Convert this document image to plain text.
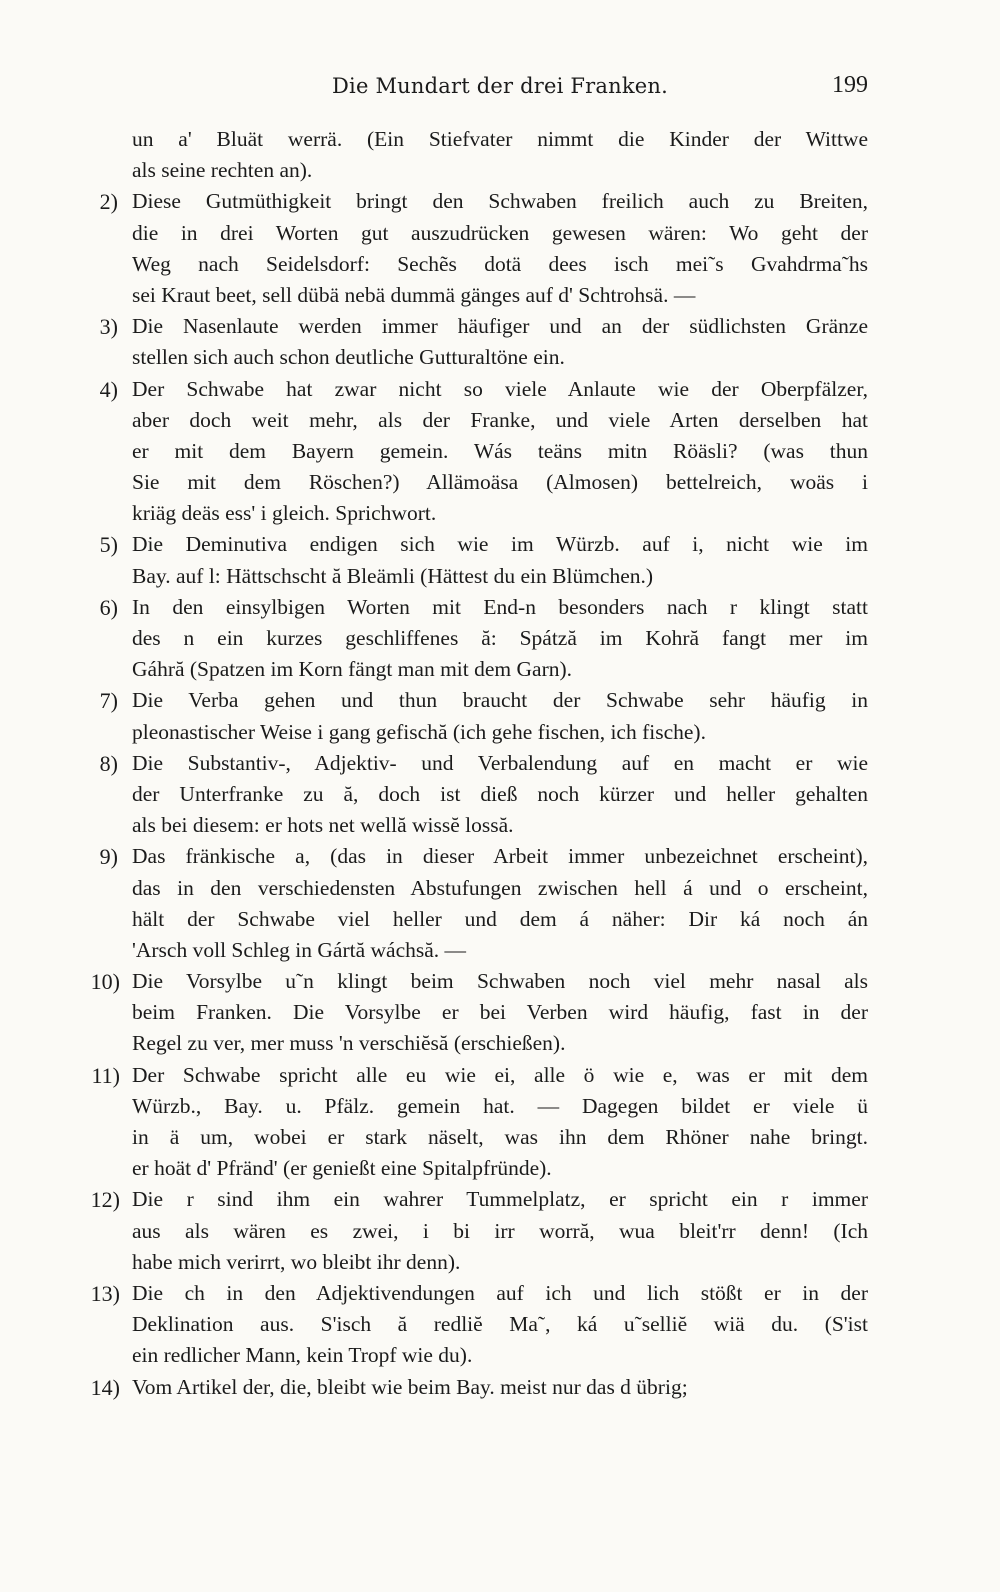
Die Mundart der drei Franken.	199
un a' Bluät werrä. (Ein Stiefvater nimmt die Kinder der Wittwe
als seine rechten an).
2) Diese Gutmüthigkeit bringt den Schwaben freilich auch zu Breiten,
die in drei Worten gut auszudrücken gewesen wären: Wo geht der
Weg nach Seidelsdorf: Sechẽs dotä dees isch mei˜s Gvahdrma˜hs
sei Kraut beet, sell dübä nebä dummä gänges auf d' Schtrohsä. —
3) Die Nasenlaute werden immer häufiger und an der südlichsten Gränze
stellen sich auch schon deutliche Gutturaltöne ein.
4) Der Schwabe hat zwar nicht so viele Anlaute wie der Oberpfälzer,
aber doch weit mehr, als der Franke, und viele Arten derselben hat
er mit dem Bayern gemein. Wás teäns mitn Röäsli? (was thun
Sie mit dem Röschen?) Allämoäsa (Almosen) bettelreich, woäs i
kriäg deäs ess' i gleich. Sprichwort.
5) Die Deminutiva endigen sich wie im Würzb. auf i, nicht wie im
Bay. auf l: Hättschscht ă Bleämli (Hättest du ein Blümchen.)
6) In den einsylbigen Worten mit End-n besonders nach r klingt statt
des n ein kurzes geschliffenes ă: Spátză im Kohră fangt mer im
Gáhră (Spatzen im Korn fängt man mit dem Garn).
7) Die Verba gehen und thun braucht der Schwabe sehr häufig in
pleonastischer Weise i gang gefischă (ich gehe fischen, ich fische).
8) Die Substantiv-, Adjektiv- und Verbalendung auf en macht er wie
der Unterfranke zu ă, doch ist dieß noch kürzer und heller gehalten
als bei diesem: er hots net wellă wissĕ lossă.
9) Das fränkische a, (das in dieser Arbeit immer unbezeichnet erscheint),
das in den verschiedensten Abstufungen zwischen hell á und o erscheint,
hält der Schwabe viel heller und dem á näher: Dir ká noch án
'Arsch voll Schleg in Gártă wáchsă. —
10) Die Vorsylbe u˜n klingt beim Schwaben noch viel mehr nasal als
beim Franken. Die Vorsylbe er bei Verben wird häufig, fast in der
Regel zu ver, mer muss 'n verschiĕsă (erschießen).
11) Der Schwabe spricht alle eu wie ei, alle ö wie e, was er mit dem
Würzb., Bay. u. Pfälz. gemein hat. — Dagegen bildet er viele ü
in ä um, wobei er stark näselt, was ihn dem Rhöner nahe bringt.
er hoät d' Pfränd' (er genießt eine Spitalpfründe).
12) Die r sind ihm ein wahrer Tummelplatz, er spricht ein r immer
aus als wären es zwei, i bi irr worră, wua bleit'rr denn! (Ich
habe mich verirrt, wo bleibt ihr denn).
13) Die ch in den Adjektivendungen auf ich und lich stößt er in der
Deklination aus. S'isch ă redliĕ Ma˜, ká u˜selliĕ wiä du. (S'ist
ein redlicher Mann, kein Tropf wie du).
14) Vom Artikel der, die, bleibt wie beim Bay. meist nur das d übrig;
